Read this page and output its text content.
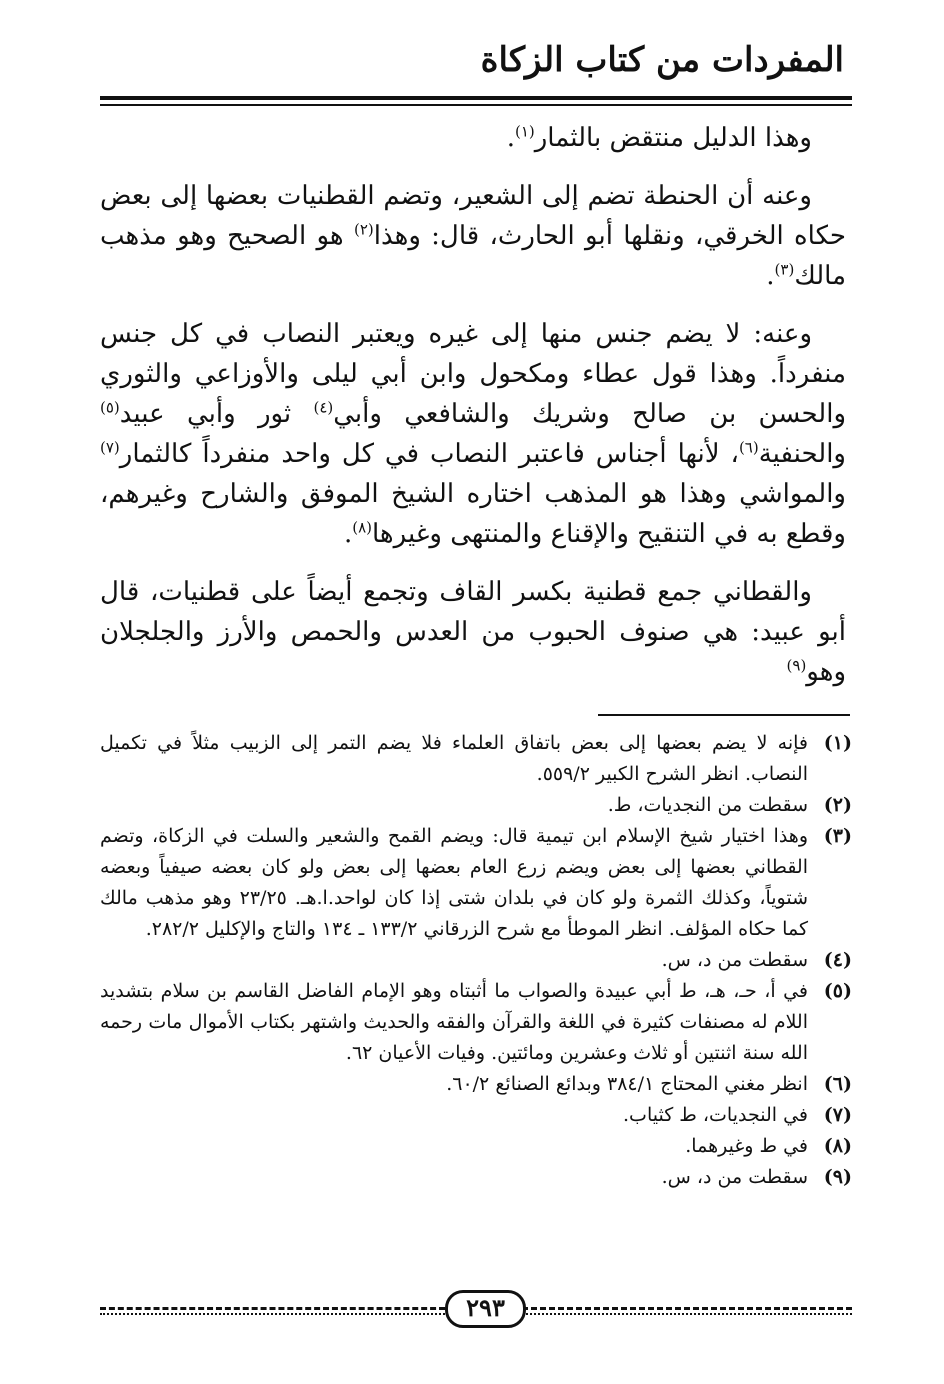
المفردات من كتاب الزكاة

وهذا الدليل منتقض بالثمار$^{(١)}$.

وعنه أن الحنطة تضم إلى الشعير، وتضم القطنيات بعضها إلى بعض حكاه الخرقي، ونقلها أبو الحارث، قال: وهذا$^{(٢)}$ هو الصحيح وهو مذهب مالك$^{(٣)}$.

وعنه: لا يضم جنس منها إلى غيره ويعتبر النصاب في كل جنس منفرداً. وهذا قول عطاء ومكحول وابن أبي ليلى والأوزاعي والثوري والحسن بن صالح وشريك والشافعي وأبي$^{(٤)}$ ثور وأبي عبيد$^{(٥)}$ والحنفية$^{(٦)}$، لأنها أجناس فاعتبر النصاب في كل واحد منفرداً كالثمار$^{(٧)}$ والمواشي وهذا هو المذهب اختاره الشيخ الموفق والشارح وغيرهم، وقطع به في التنقيح والإقناع والمنتهى وغيرها$^{(٨)}$.

والقطاني جمع قطنية بكسر القاف وتجمع أيضاً على قطنيات، قال أبو عبيد: هي صنوف الحبوب من العدس والحمص والأرز والجلجلان وهو$^{(٩)}$

(١)
فإنه لا يضم بعضها إلى بعض باتفاق العلماء فلا يضم التمر إلى الزبيب مثلاً في تكميل النصاب. انظر الشرح الكبير ٥٥٩/٢.
(٢)
سقطت من النجديات، ط.
(٣)
وهذا اختيار شيخ الإسلام ابن تيمية قال: ويضم القمح والشعير والسلت في الزكاة، وتضم القطاني بعضها إلى بعض ويضم زرع العام بعضها إلى بعض ولو كان بعضه صيفياً وبعضه شتوياً، وكذلك الثمرة ولو كان في بلدان شتى إذا كان لواحد.ا.هـ. ٢٣/٢٥ وهو مذهب مالك كما حكاه المؤلف. انظر الموطأ مع شرح الزرقاني ١٣٣/٢ ـ ١٣٤ والتاج والإكليل ٢٨٢/٢.
(٤)
سقطت من د، س.
(٥)
في أ، حـ، هـ، ط أبي عبيدة والصواب ما أثبتاه وهو الإمام الفاضل القاسم بن سلام بتشديد اللام له مصنفات كثيرة في اللغة والقرآن والفقه والحديث واشتهر بكتاب الأموال مات رحمه الله سنة اثنتين أو ثلاث وعشرين ومائتين. وفيات الأعيان ٦٢.
(٦)
انظر مغني المحتاج ٣٨٤/١ وبدائع الصنائع ٦٠/٢.
(٧)
في النجديات، ط كثياب.
(٨)
في ط وغيرهما.
(٩)
سقطت من د، س.
٢٩٣
